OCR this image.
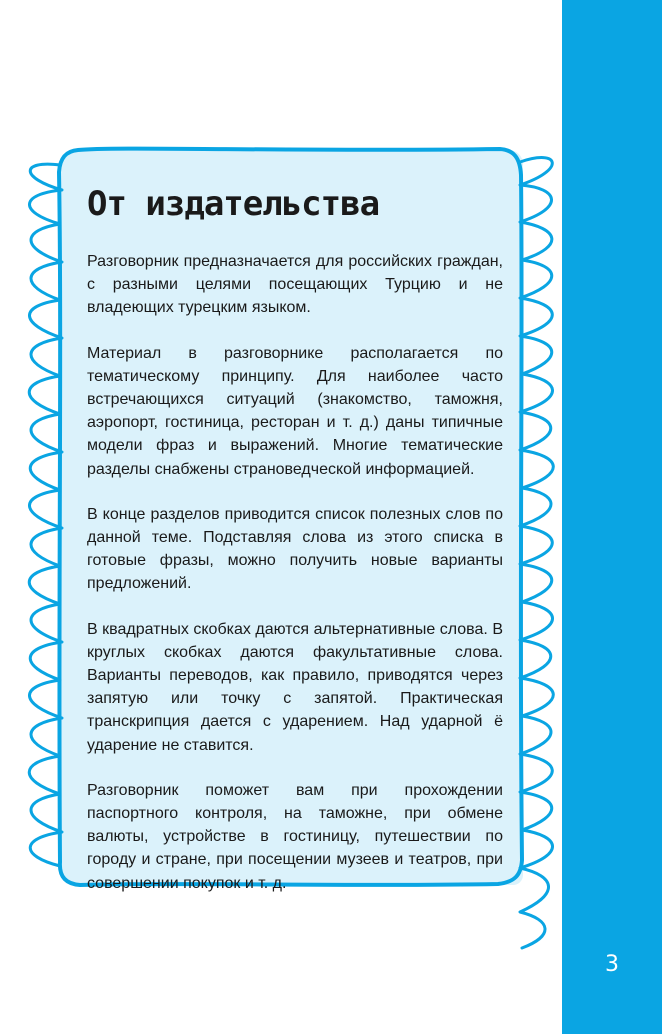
3
От издательства

Разговорник предназначается для российских граждан, с разными целями посещающих Турцию и не владеющих турецким языком.

Материал в разговорнике располагается по тематическому принципу. Для наиболее часто встречающихся ситуаций (знакомство, таможня, аэропорт, гостиница, ресторан и т. д.) даны типичные модели фраз и выражений. Многие тематические разделы снабжены страноведческой информацией.

В конце разделов приводится список полезных слов по данной теме. Подставляя слова из этого списка в готовые фразы, можно получить новые варианты предложений.

В квадратных скобках даются альтернативные слова. В круглых скобках даются факультативные слова. Варианты переводов, как правило, приводятся через запятую или точку с запятой. Практическая транскрипция дается с ударением. Над ударной ё ударение не ставится.

Разговорник поможет вам при прохождении паспортного контроля, на таможне, при обмене валюты, устройстве в гостиницу, путешествии по городу и стране, при посещении музеев и театров, при совершении покупок и т. д.
